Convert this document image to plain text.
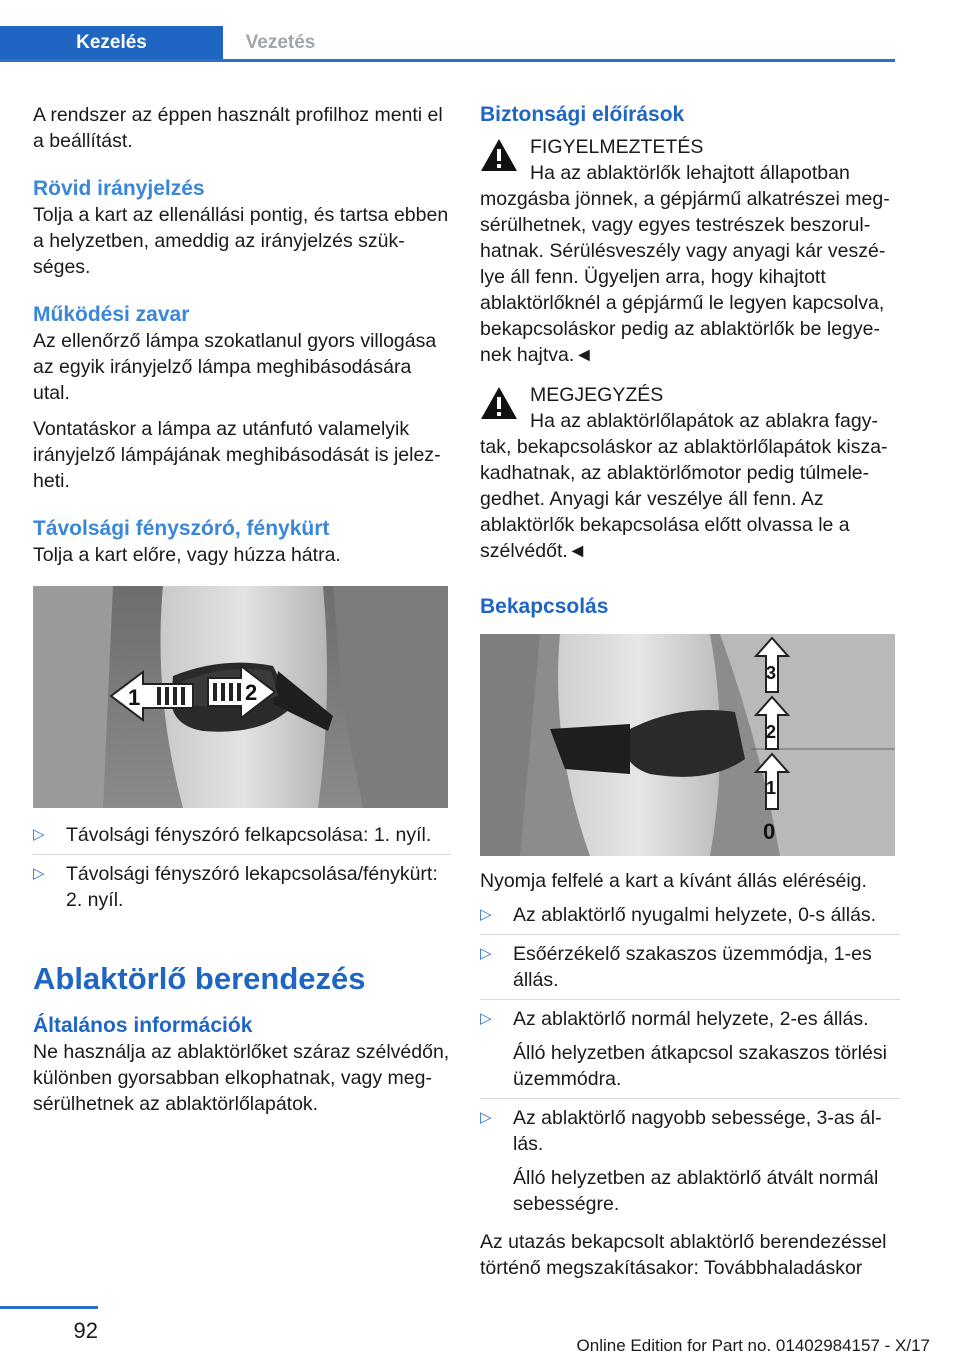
Kezelés	Vezetés

A rendszer az éppen használt profilhoz menti el a beállítást.

Rövid irányjelzés

Tolja a kart az ellenállási pontig, és tartsa ebben a helyzetben, ameddig az irányjelzés szükséges.

Működési zavar

Az ellenőrző lámpa szokatlanul gyors villogása az egyik irányjelző lámpa meghibásodására utal.

Vontatáskor a lámpa az utánfutó valamelyik irányjelző lámpájának meghibásodását is jelezheti.

Távolsági fényszóró, fénykürt

Tolja a kart előre, vagy húzza hátra.

1	2
▷ Távolsági fényszóró felkapcsolása: 1. nyíl.
▷ Távolsági fényszóró lekapcsolása/fénykürt: 2. nyíl.
Ablaktörlő berendezés
Általános információk

Ne használja az ablaktörlőket száraz szélvédőn, különben gyorsabban elkophatnak, vagy megsérülhetnek az ablaktörlőlapátok.

Biztonsági előírások
FIGYELMEZTETÉS

Ha az ablaktörlők lehajtott állapotban mozgásba jönnek, a gépjármű alkatrészei megsérülhetnek, vagy egyes testrészek beszorulhatnak. Sérülésveszély vagy anyagi kár veszélye áll fenn. Ügyeljen arra, hogy kihajtott ablaktörlőknél a gépjármű le legyen kapcsolva, bekapcsoláskor pedig az ablaktörlők be legyenek hajtva.◄

MEGJEGYZÉS

Ha az ablaktörlőlapátok az ablakra fagytak, bekapcsoláskor az ablaktörlőlapátok kiszakadhatnak, az ablaktörlőmotor pedig túlmelegedhet. Anyagi kár veszélye áll fenn. Az ablaktörlők bekapcsolása előtt olvassa le a szélvédőt.◄

Bekapcsolás
0
1
2
3

Nyomja felfelé a kart a kívánt állás eléréséig.

▷ Az ablaktörlő nyugalmi helyzete, 0-s állás.
▷ Esőérzékelő szakaszos üzemmódja, 1-es állás.
▷ Az ablaktörlő normál helyzete, 2-es állás.
Álló helyzetben átkapcsol szakaszos törlési üzemmódra.
▷ Az ablaktörlő nagyobb sebessége, 3-as állás.
Álló helyzetben az ablaktörlő átvált normál sebességre.

Az utazás bekapcsolt ablaktörlő berendezéssel történő megszakításakor: Továbbhaladáskor

92
Online Edition for Part no. 01402984157 - X/17
